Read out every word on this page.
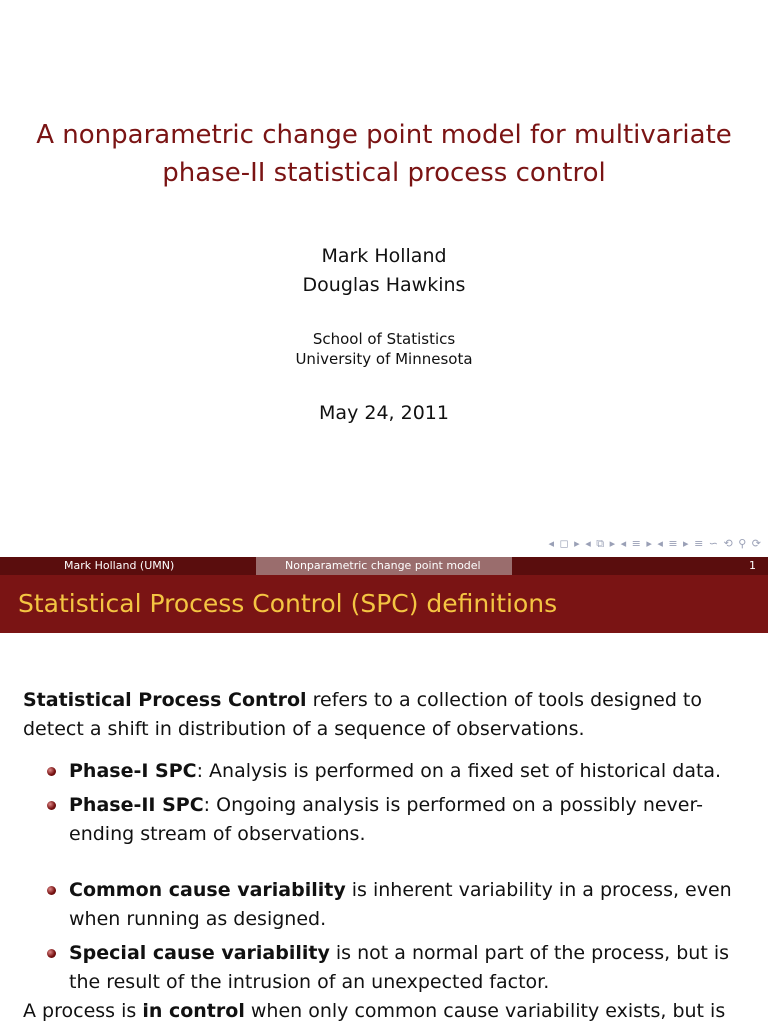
A nonparametric change point model for multivariate
phase-II statistical process control
Mark Holland
Douglas Hawkins
School of Statistics
University of Minnesota
May 24, 2011
◂ ◻ ▸ ◂ ⧉ ▸ ◂ ≡ ▸ ◂ ≡ ▸ ≡ ∽ ⟲ ⚲ ⟳
Mark Holland (UMN)	Nonparametric change point model	1
Statistical Process Control (SPC) definitions

Statistical Process Control refers to a collection of tools designed to detect a shift in distribution of a sequence of observations.

Phase-I SPC: Analysis is performed on a fixed set of historical data.
Phase-II SPC: Ongoing analysis is performed on a possibly never-ending stream of observations.
Common cause variability is inherent variability in a process, even when running as designed.
Special cause variability is not a normal part of the process, but is the result of the intrusion of an unexpected factor.

A process is in control when only common cause variability exists, but is
